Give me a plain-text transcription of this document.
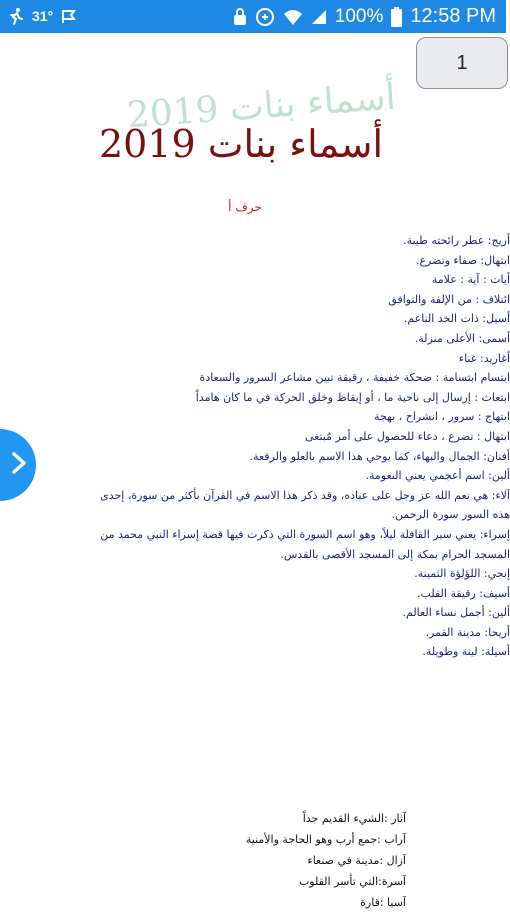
31°	100% 12:58 PM
1
أسماء بنات 2019
أسماء بنات 2019
حرف أ
أريج: عطر رائحته طيبة.
ابتهال: صفاء وتضرع.
أيات : آية : علامة
ائتلاف : من الإلفة والتوافق
أسيل: ذات الخد الناعم.
أسمى: الأعلى منزلة.
أغاريد: غناء
ابتسام ابتسامة : ضحكة خفيفة ، رقيقة تبين مشاعر السرور والسعادة
ابتعاث : إرسال إلى ناحية ما ، أو إيقاظ وخلق الحركة في ما كان هامداً
ابتهاج : سرور ، انشراح ، بهجة
ابتهال : تضرع ، دعاء للحصول على أمر مُبتغى
أفنان: الجمال والبهاء، كما يوحي هذا الاسم بالعلو والرفعة.
ألين: اسم أعجمي يعني النعومة.
آلاء: هي نعم الله عز وجل على عباده، وقد ذكر هذا الاسم في القرآن بأكثر من سورة، إحدى هذه السور سورة الرحمن.
إسراء: يعني سير القافلة ليلاً، وهو اسم السورة التي ذكرت فيها قصة إسراء النبي محمد من المسجد الحرام بمكة إلى المسجد الأقصى بالقدس.
إنجي: اللؤلؤة الثمينة.
أسيف: رقيقة القلب.
ألين: أجمل نساء العالم.
أريحا: مدينة القمر.
أسيلة: لينة وطويلة.
آثار :الشيء القديم جداً
آراب :جمع أرب وهو الحاجة والأمنية
آزال :مدينة في صنعاء
آسرة:التي تأسر القلوب
آسيا :قارة
